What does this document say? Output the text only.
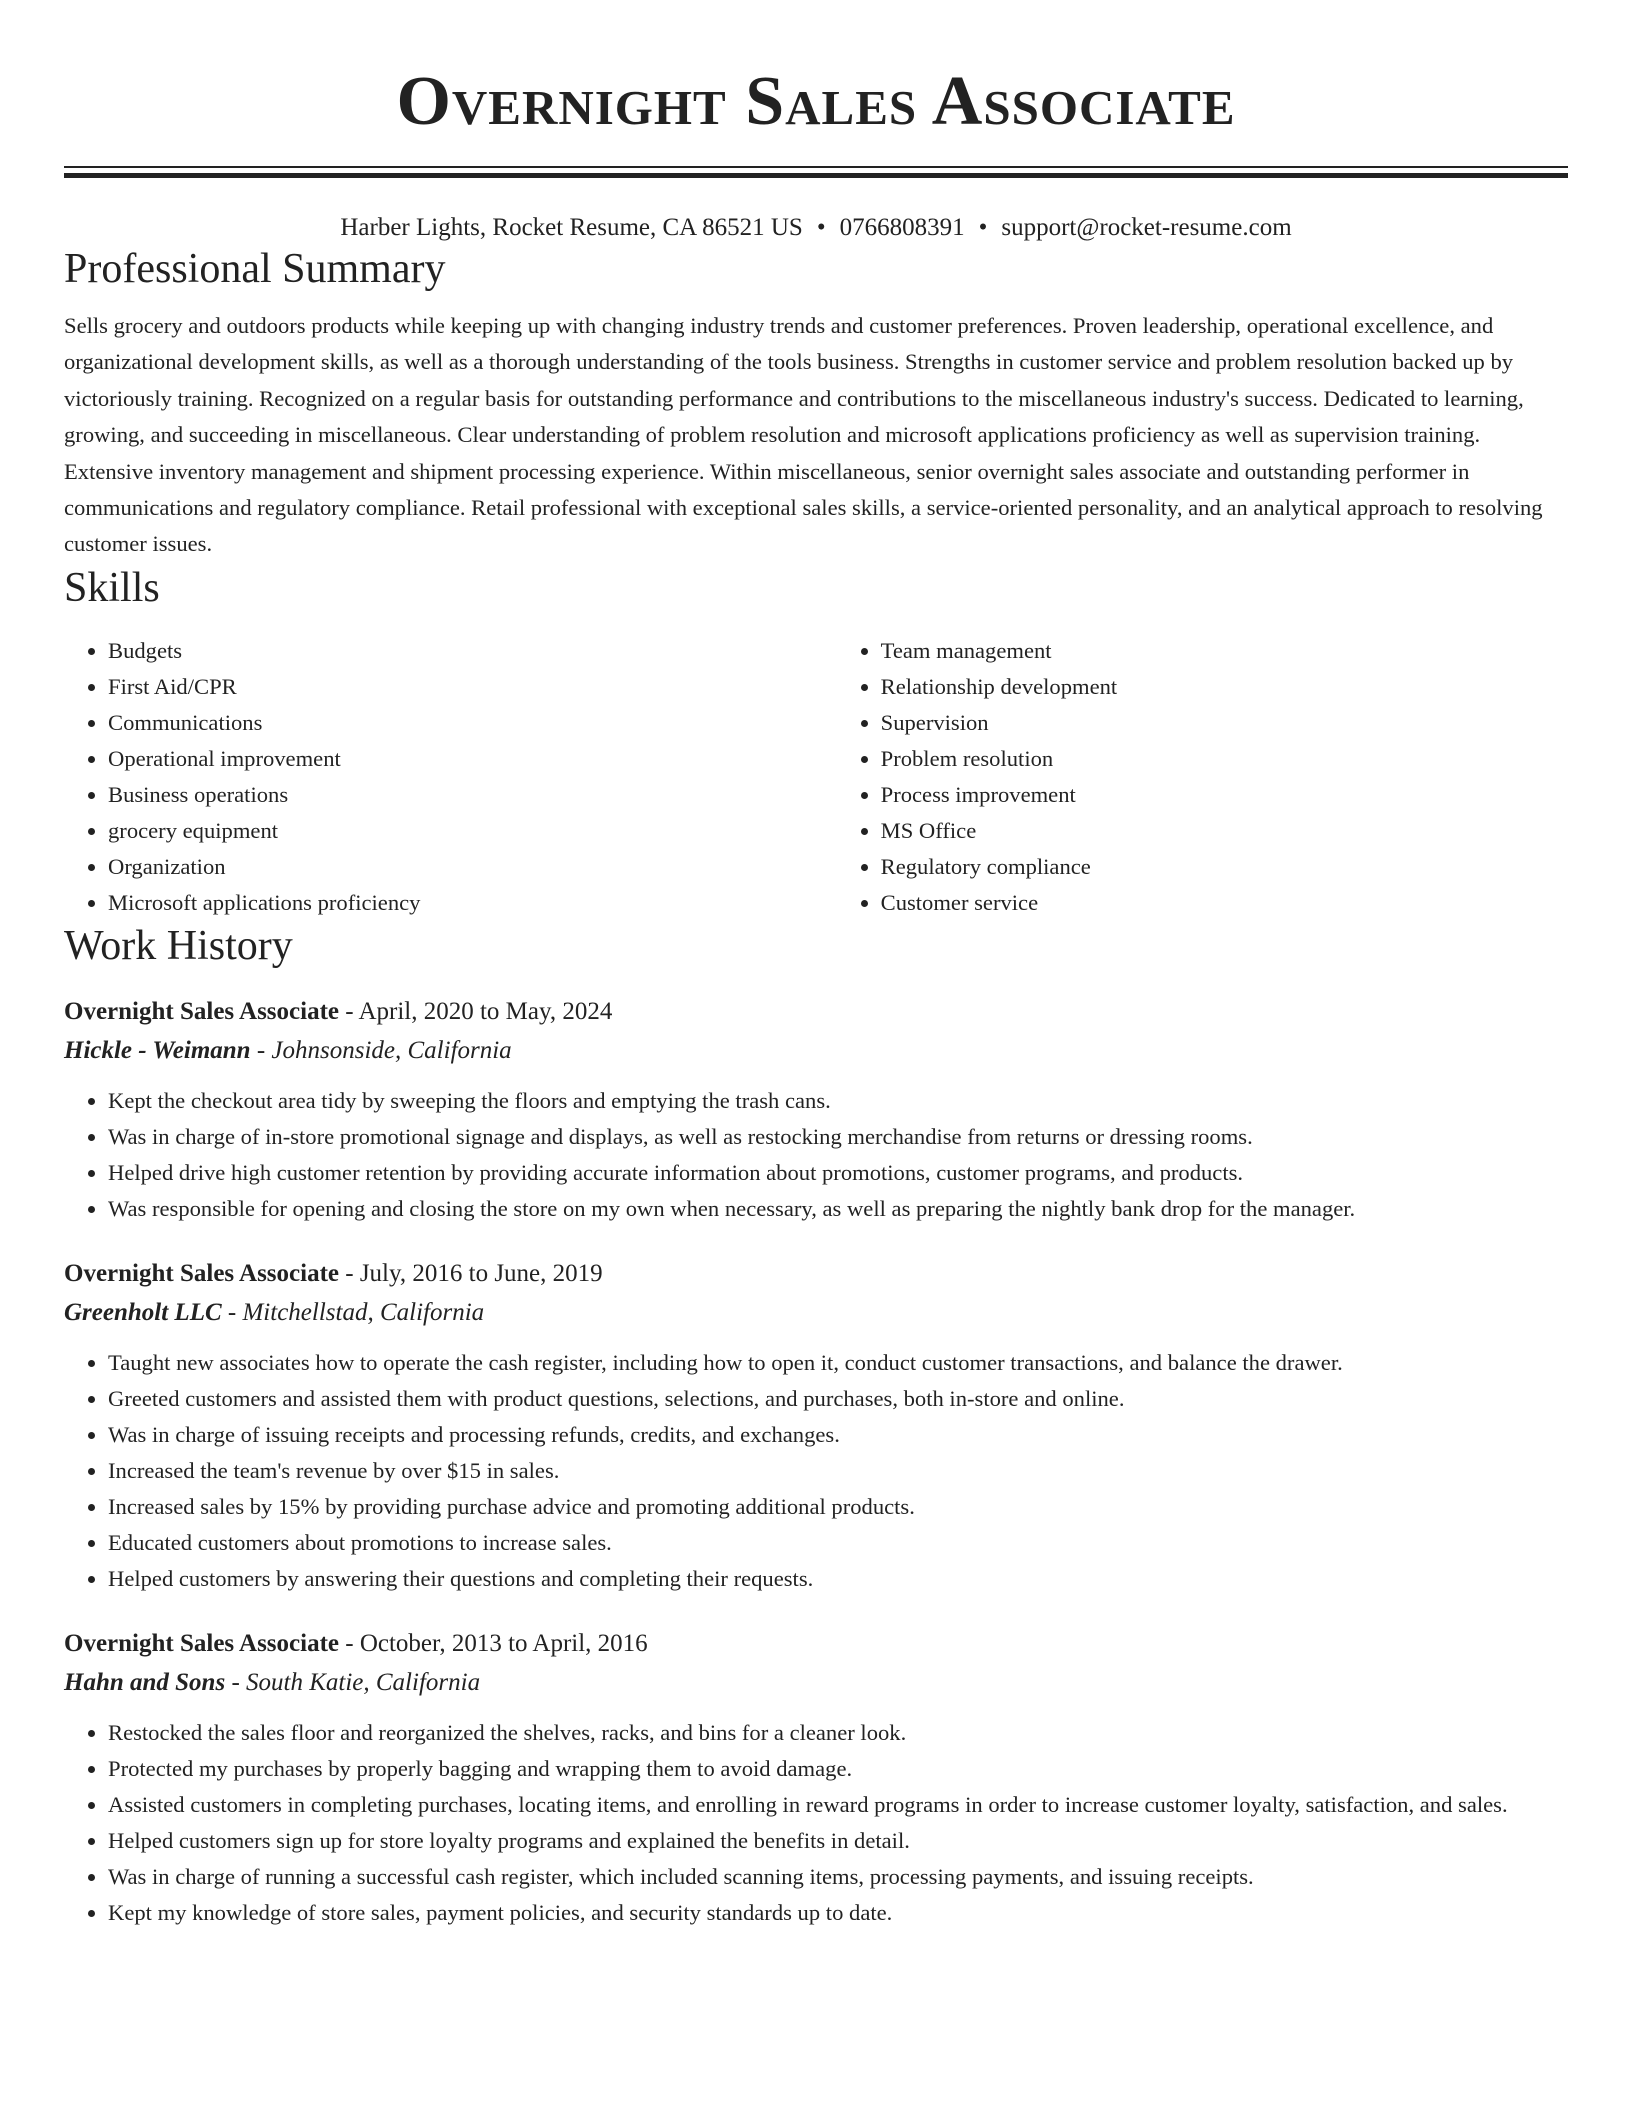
Overnight Sales Associate
Harber Lights, Rocket Resume, CA 86521 US • 0766808391 • support@rocket-resume.com
Professional Summary

Sells grocery and outdoors products while keeping up with changing industry trends and customer preferences. Proven leadership, operational excellence, and organizational development skills, as well as a thorough understanding of the tools business. Strengths in customer service and problem resolution backed up by victoriously training. Recognized on a regular basis for outstanding performance and contributions to the miscellaneous industry's success. Dedicated to learning, growing, and succeeding in miscellaneous. Clear understanding of problem resolution and microsoft applications proficiency as well as supervision training. Extensive inventory management and shipment processing experience. Within miscellaneous, senior overnight sales associate and outstanding performer in communications and regulatory compliance. Retail professional with exceptional sales skills, a service-oriented personality, and an analytical approach to resolving customer issues.

Skills
• Budgets
• First Aid/CPR
• Communications
• Operational improvement
• Business operations
• grocery equipment
• Organization
• Microsoft applications proficiency
• Team management
• Relationship development
• Supervision
• Problem resolution
• Process improvement
• MS Office
• Regulatory compliance
• Customer service
Work History
Overnight Sales Associate - April, 2020 to May, 2024
Hickle - Weimann - Johnsonside, California
• Kept the checkout area tidy by sweeping the floors and emptying the trash cans.
• Was in charge of in-store promotional signage and displays, as well as restocking merchandise from returns or dressing rooms.
• Helped drive high customer retention by providing accurate information about promotions, customer programs, and products.
• Was responsible for opening and closing the store on my own when necessary, as well as preparing the nightly bank drop for the manager.
Overnight Sales Associate - July, 2016 to June, 2019
Greenholt LLC - Mitchellstad, California
• Taught new associates how to operate the cash register, including how to open it, conduct customer transactions, and balance the drawer.
• Greeted customers and assisted them with product questions, selections, and purchases, both in-store and online.
• Was in charge of issuing receipts and processing refunds, credits, and exchanges.
• Increased the team's revenue by over $15 in sales.
• Increased sales by 15% by providing purchase advice and promoting additional products.
• Educated customers about promotions to increase sales.
• Helped customers by answering their questions and completing their requests.
Overnight Sales Associate - October, 2013 to April, 2016
Hahn and Sons - South Katie, California
• Restocked the sales floor and reorganized the shelves, racks, and bins for a cleaner look.
• Protected my purchases by properly bagging and wrapping them to avoid damage.
• Assisted customers in completing purchases, locating items, and enrolling in reward programs in order to increase customer loyalty, satisfaction, and sales.
• Helped customers sign up for store loyalty programs and explained the benefits in detail.
• Was in charge of running a successful cash register, which included scanning items, processing payments, and issuing receipts.
• Kept my knowledge of store sales, payment policies, and security standards up to date.
